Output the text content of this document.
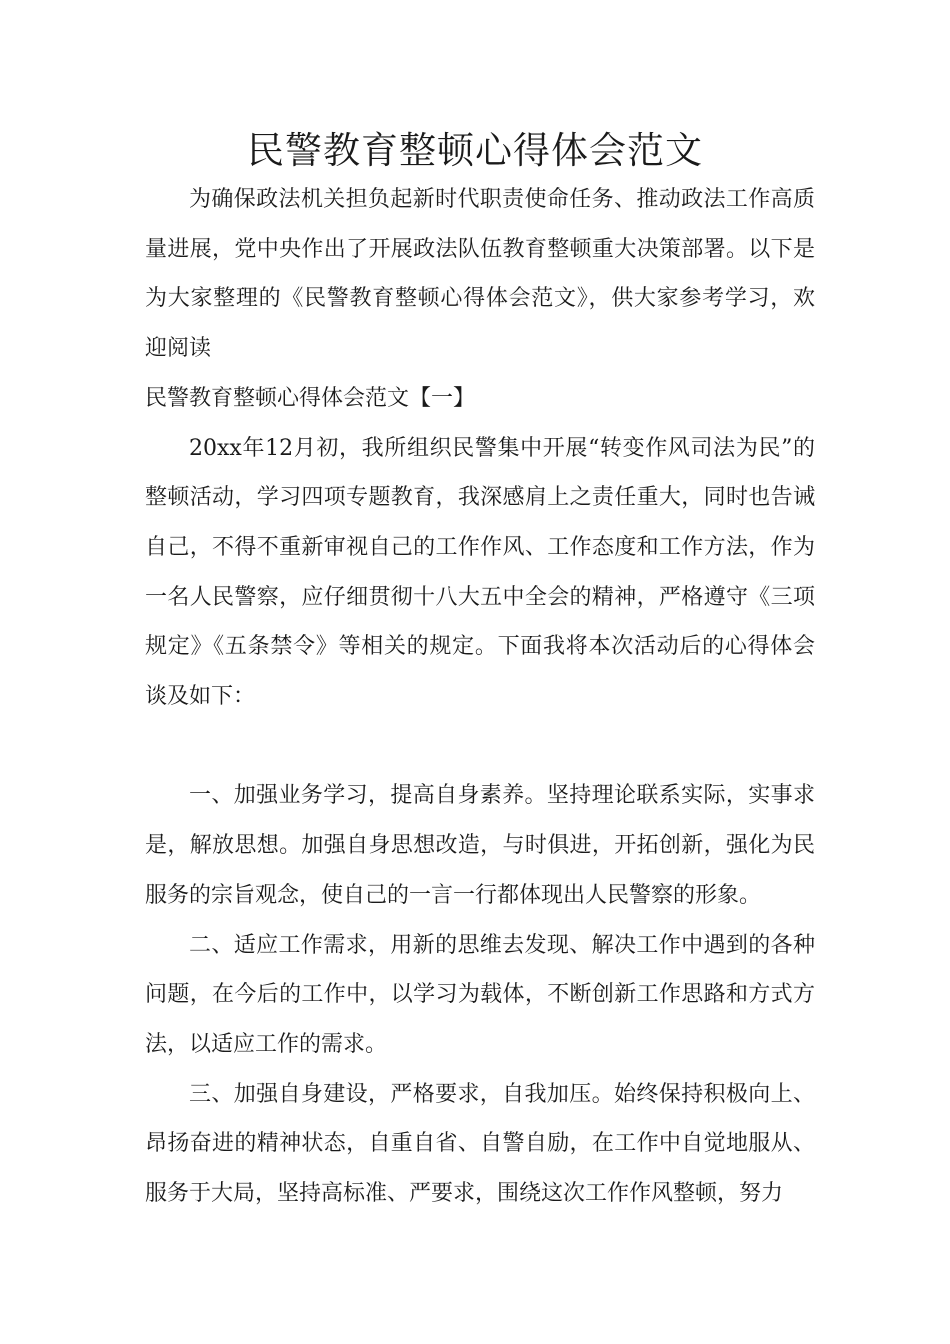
民警教育整顿心得体会范文

为确保政法机关担负起新时代职责使命任务、推动政法工作高质量进展，党中央作出了开展政法队伍教育整顿重大决策部署。以下是为大家整理的《民警教育整顿心得体会范文》，供大家参考学习，欢迎阅读

民警教育整顿心得体会范文【一】

20xx年12月初，我所组织民警集中开展“转变作风司法为民”的整顿活动，学习四项专题教育，我深感肩上之责任重大，同时也告诫自己，不得不重新审视自己的工作作风、工作态度和工作方法，作为一名人民警察，应仔细贯彻十八大五中全会的精神，严格遵守《三项规定》《五条禁令》等相关的规定。下面我将本次活动后的心得体会谈及如下：

一、加强业务学习，提高自身素养。坚持理论联系实际，实事求是，解放思想。加强自身思想改造，与时俱进，开拓创新，强化为民服务的宗旨观念，使自己的一言一行都体现出人民警察的形象。

二、适应工作需求，用新的思维去发现、解决工作中遇到的各种问题，在今后的工作中，以学习为载体，不断创新工作思路和方式方法，以适应工作的需求。

三、加强自身建设，严格要求，自我加压。始终保持积极向上、昂扬奋进的精神状态，自重自省、自警自励，在工作中自觉地服从、服务于大局，坚持高标准、严要求，围绕这次工作作风整顿，努力
